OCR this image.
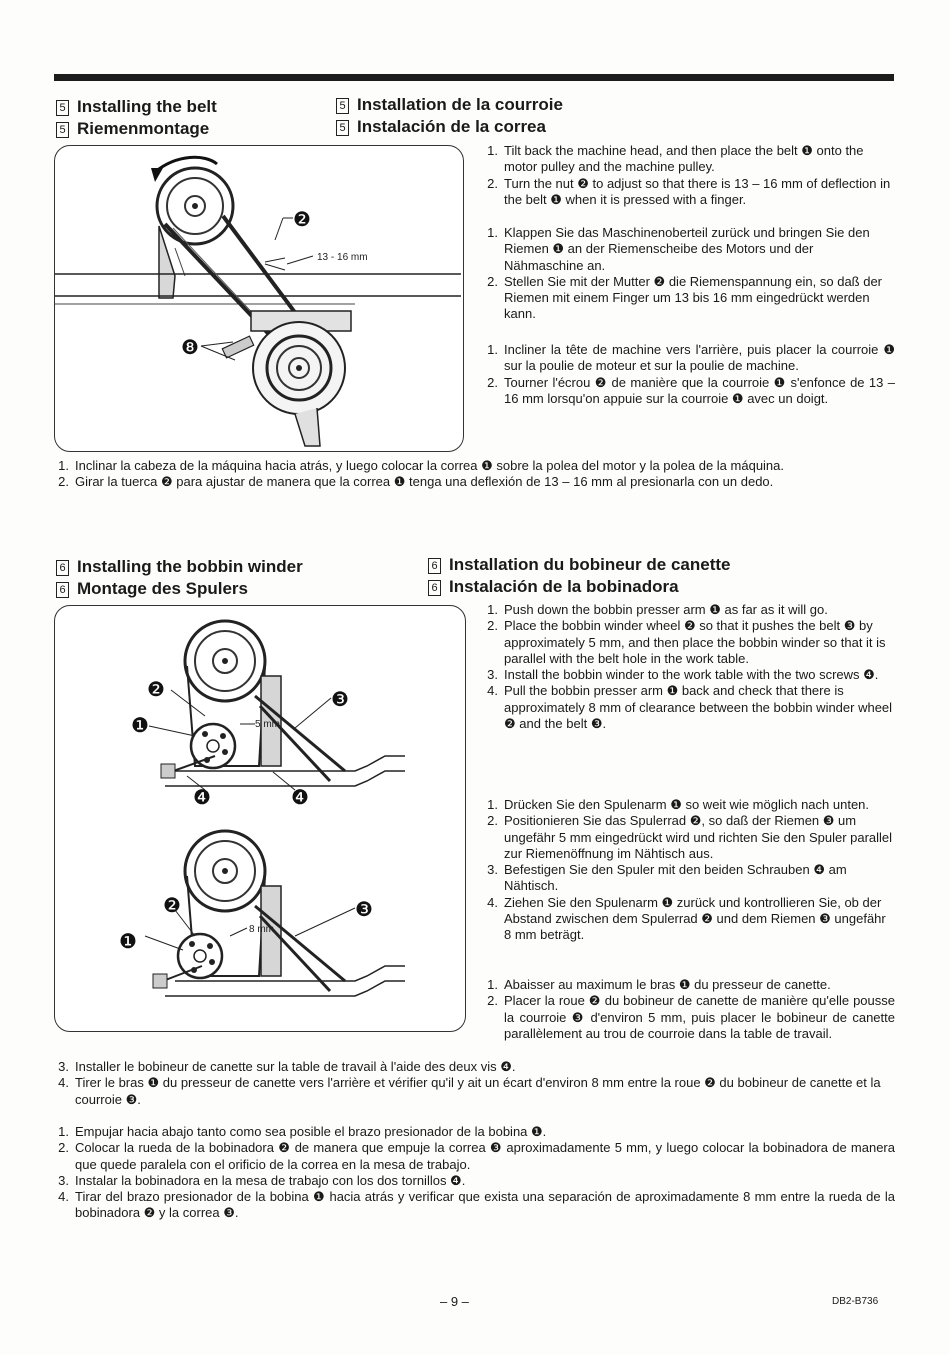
5 Installing the belt
5 Riemenmontage
5 Installation de la courroie
5 Instalación de la correa
13 - 16 mm
❷
❽
1. Tilt back the machine head, and then place the belt ❶ onto the motor pulley and the machine pulley.
2. Turn the nut ❷ to adjust so that there is 13 – 16 mm of deflection in the belt ❶ when it is pressed with a finger.
1. Klappen Sie das Maschinenoberteil zurück und bringen Sie den Riemen ❶ an der Riemenscheibe des Motors und der Nähmaschine an.
2. Stellen Sie mit der Mutter ❷ die Riemenspannung ein, so daß der Riemen mit einem Finger um 13 bis 16 mm eingedrückt werden kann.
1. Incliner la tête de machine vers l'arrière, puis placer la courroie ❶ sur la poulie de moteur et sur la poulie de machine.
2. Tourner l'écrou ❷ de manière que la courroie ❶ s'enfonce de 13 – 16 mm lorsqu'on appuie sur la courroie ❶ avec un doigt.
1. Inclinar la cabeza de la máquina hacia atrás, y luego colocar la correa ❶ sobre la polea del motor y la polea de la máquina.
2. Girar la tuerca ❷ para ajustar de manera que la correa ❶ tenga una deflexión de 13 – 16 mm al presionarla con un dedo.
6 Installing the bobbin winder
6 Montage des Spulers
6 Installation du bobineur de canette
6 Instalación de la bobinadora
5 mm
❷
❶
❸
❹	❹
8 mm
❷
❶
❸
1. Push down the bobbin presser arm ❶ as far as it will go.
2. Place the bobbin winder wheel ❷ so that it pushes the belt ❸ by approximately 5 mm, and then place the bobbin winder so that it is parallel with the belt hole in the work table.
3. Install the bobbin winder to the work table with the two screws ❹.
4. Pull the bobbin presser arm ❶ back and check that there is approximately 8 mm of clearance between the bobbin winder wheel ❷ and the belt ❸.
1. Drücken Sie den Spulenarm ❶ so weit wie möglich nach unten.
2. Positionieren Sie das Spulerrad ❷, so daß der Riemen ❸ um ungefähr 5 mm eingedrückt wird und richten Sie den Spuler parallel zur Riemenöffnung im Nähtisch aus.
3. Befestigen Sie den Spuler mit den beiden Schrauben ❹ am Nähtisch.
4. Ziehen Sie den Spulenarm ❶ zurück und kontrollieren Sie, ob der Abstand zwischen dem Spulerrad ❷ und dem Riemen ❸ ungefähr 8 mm beträgt.
1. Abaisser au maximum le bras ❶ du presseur de canette.
2. Placer la roue ❷ du bobineur de canette de manière qu'elle pousse la courroie ❸ d'environ 5 mm, puis placer le bobineur de canette parallèlement au trou de courroie dans la table de travail.
3. Installer le bobineur de canette sur la table de travail à l'aide des deux vis ❹.
4. Tirer le bras ❶ du presseur de canette vers l'arrière et vérifier qu'il y ait un écart d'environ 8 mm entre la roue ❷ du bobineur de canette et la courroie ❸.
1. Empujar hacia abajo tanto como sea posible el brazo presionador de la bobina ❶.
2. Colocar la rueda de la bobinadora ❷ de manera que empuje la correa ❸ aproximadamente 5 mm, y luego colocar la bobinadora de manera que quede paralela con el orificio de la correa en la mesa de trabajo.
3. Instalar la bobinadora en la mesa de trabajo con los dos tornillos ❹.
4. Tirar del brazo presionador de la bobina ❶ hacia atrás y verificar que exista una separación de aproximadamente 8 mm entre la rueda de la bobinadora ❷ y la correa ❸.
– 9 –	DB2-B736
